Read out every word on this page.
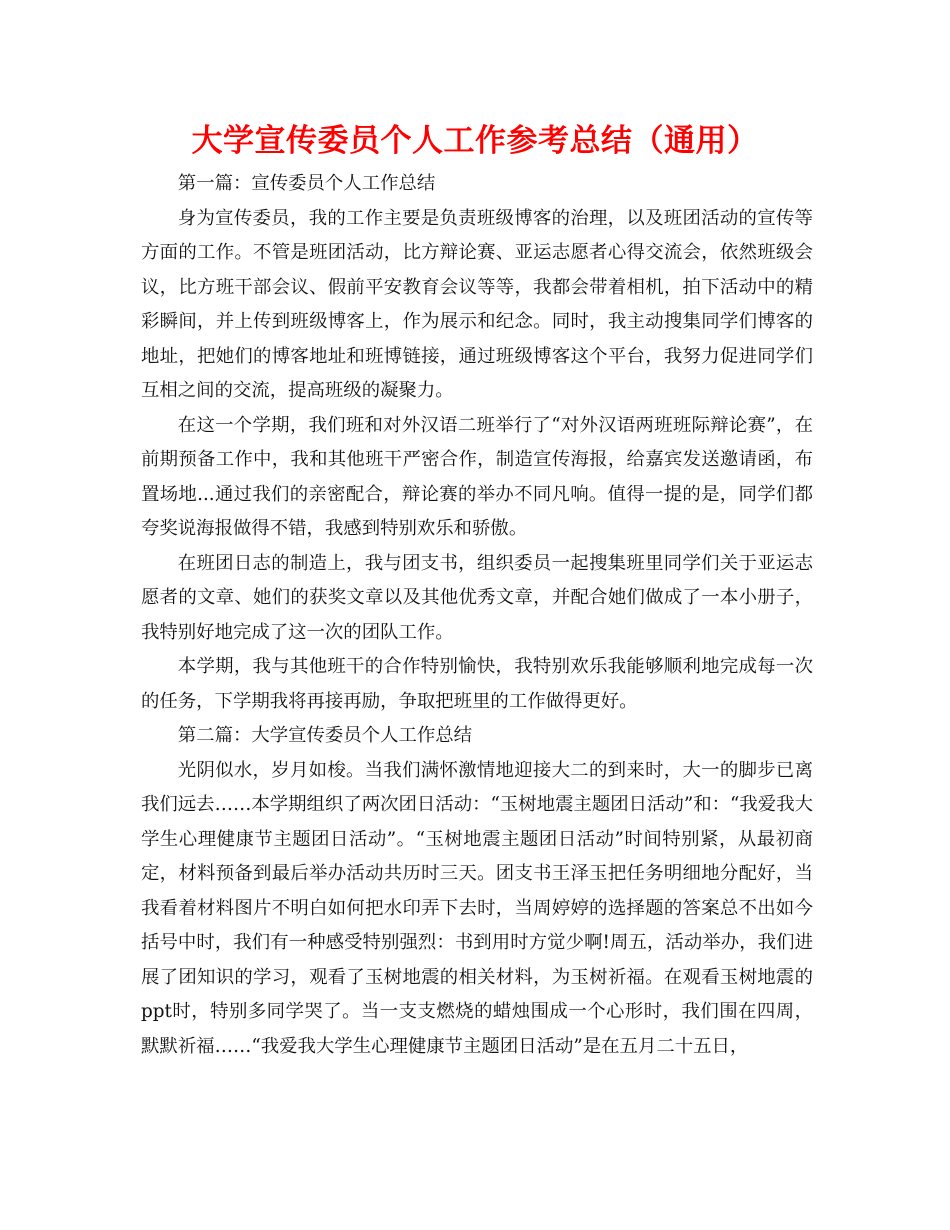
大学宣传委员个人工作参考总结（通用）

第一篇：宣传委员个人工作总结

身为宣传委员，我的工作主要是负责班级博客的治理，以及班团活动的宣传等方面的工作。不管是班团活动，比方辩论赛、亚运志愿者心得交流会，依然班级会议，比方班干部会议、假前平安教育会议等等，我都会带着相机，拍下活动中的精彩瞬间，并上传到班级博客上，作为展示和纪念。同时，我主动搜集同学们博客的地址，把她们的博客地址和班博链接，通过班级博客这个平台，我努力促进同学们互相之间的交流，提高班级的凝聚力。

在这一个学期，我们班和对外汉语二班举行了“对外汉语两班班际辩论赛”，在前期预备工作中，我和其他班干严密合作，制造宣传海报，给嘉宾发送邀请函，布置场地...通过我们的亲密配合，辩论赛的举办不同凡响。值得一提的是，同学们都夸奖说海报做得不错，我感到特别欢乐和骄傲。

在班团日志的制造上，我与团支书，组织委员一起搜集班里同学们关于亚运志愿者的文章、她们的获奖文章以及其他优秀文章，并配合她们做成了一本小册子，我特别好地完成了这一次的团队工作。

本学期，我与其他班干的合作特别愉快，我特别欢乐我能够顺利地完成每一次的任务，下学期我将再接再励，争取把班里的工作做得更好。

第二篇：大学宣传委员个人工作总结

光阴似水，岁月如梭。当我们满怀激情地迎接大二的到来时，大一的脚步已离我们远去……本学期组织了两次团日活动：“玉树地震主题团日活动”和：“我爱我大学生心理健康节主题团日活动”。“玉树地震主题团日活动”时间特别紧，从最初商定，材料预备到最后举办活动共历时三天。团支书王泽玉把任务明细地分配好，当我看着材料图片不明白如何把水印弄下去时，当周婷婷的选择题的答案总不出如今括号中时，我们有一种感受特别强烈：书到用时方觉少啊!周五，活动举办，我们进展了团知识的学习，观看了玉树地震的相关材料，为玉树祈福。在观看玉树地震的ppt时，特别多同学哭了。当一支支燃烧的蜡烛围成一个心形时，我们围在四周，默默祈福……“我爱我大学生心理健康节主题团日活动”是在五月二十五日，
